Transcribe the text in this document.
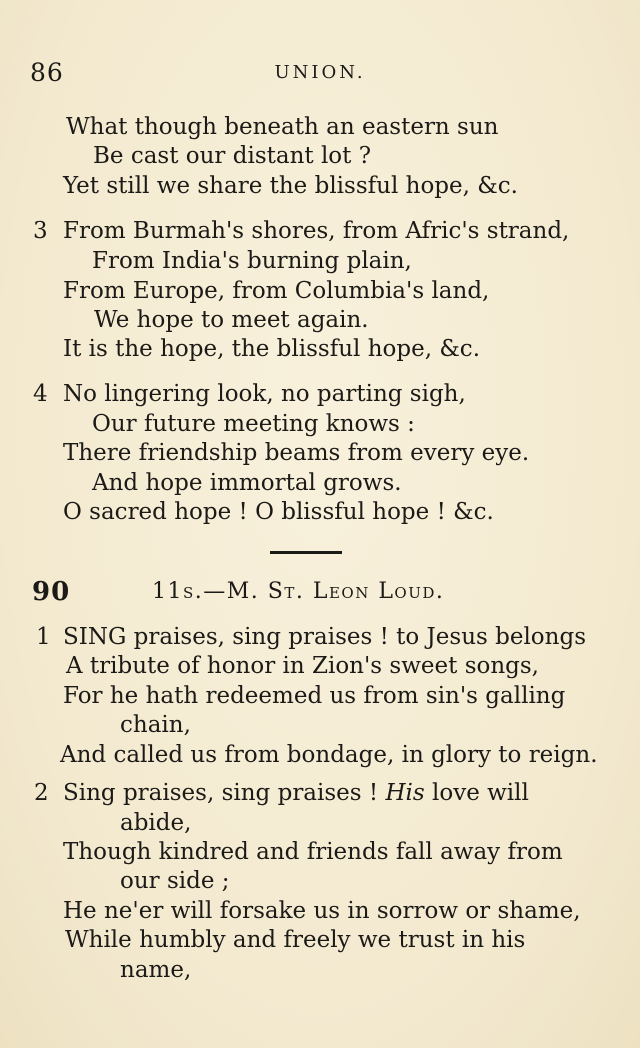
86	UNION.
What though beneath an eastern sun
Be cast our distant lot ?
Yet still we share the blissful hope, &c.
3 From Burmah's shores, from Afric's strand,
From India's burning plain,
From Europe, from Columbia's land,
We hope to meet again.
It is the hope, the blissful hope, &c.
4 No lingering look, no parting sigh,
Our future meeting knows :
There friendship beams from every eye.
And hope immortal grows.
O sacred hope ! O blissful hope ! &c.
90	11s.—M. St. Leon Loud.
1 SING praises, sing praises ! to Jesus belongs
A tribute of honor in Zion's sweet songs,
For he hath redeemed us from sin's galling
chain,
And called us from bondage, in glory to reign.
2 Sing praises, sing praises ! His love will
abide,
Though kindred and friends fall away from
our side ;
He ne'er will forsake us in sorrow or shame,
While humbly and freely we trust in his
name,
